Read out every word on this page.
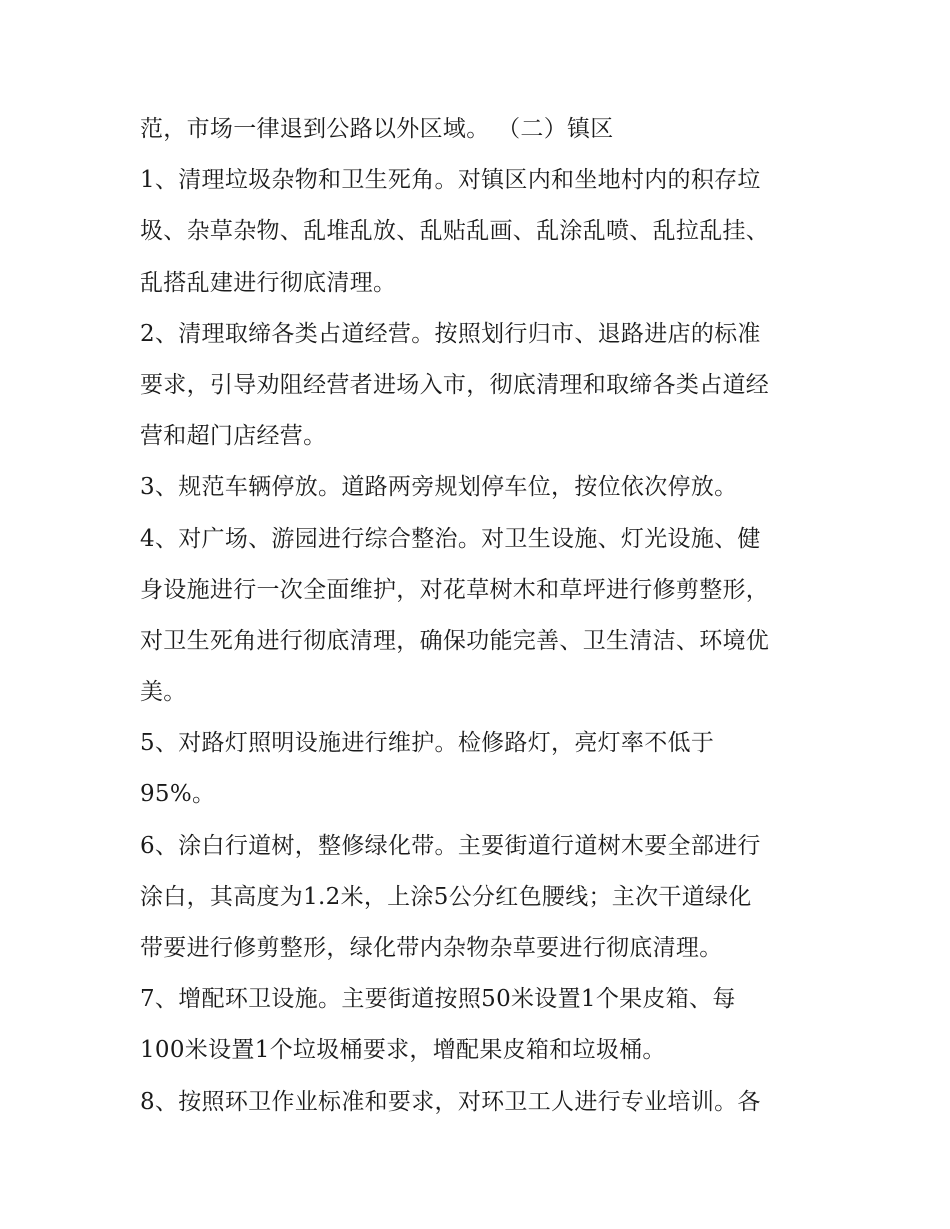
范，市场一律退到公路以外区域。 （二）镇区
1、清理垃圾杂物和卫生死角。对镇区内和坐地村内的积存垃
圾、杂草杂物、乱堆乱放、乱贴乱画、乱涂乱喷、乱拉乱挂、
乱搭乱建进行彻底清理。
2、清理取缔各类占道经营。按照划行归市、退路进店的标准
要求，引导劝阻经营者进场入市，彻底清理和取缔各类占道经
营和超门店经营。
3、规范车辆停放。道路两旁规划停车位，按位依次停放。
4、对广场、游园进行综合整治。对卫生设施、灯光设施、健
身设施进行一次全面维护，对花草树木和草坪进行修剪整形，
对卫生死角进行彻底清理，确保功能完善、卫生清洁、环境优
美。
5、对路灯照明设施进行维护。检修路灯，亮灯率不低于
95%。
6、涂白行道树，整修绿化带。主要街道行道树木要全部进行
涂白，其高度为1.2米，上涂5公分红色腰线；主次干道绿化
带要进行修剪整形，绿化带内杂物杂草要进行彻底清理。
7、增配环卫设施。主要街道按照50米设置1个果皮箱、每
100米设置1个垃圾桶要求，增配果皮箱和垃圾桶。
8、按照环卫作业标准和要求，对环卫工人进行专业培训。各
